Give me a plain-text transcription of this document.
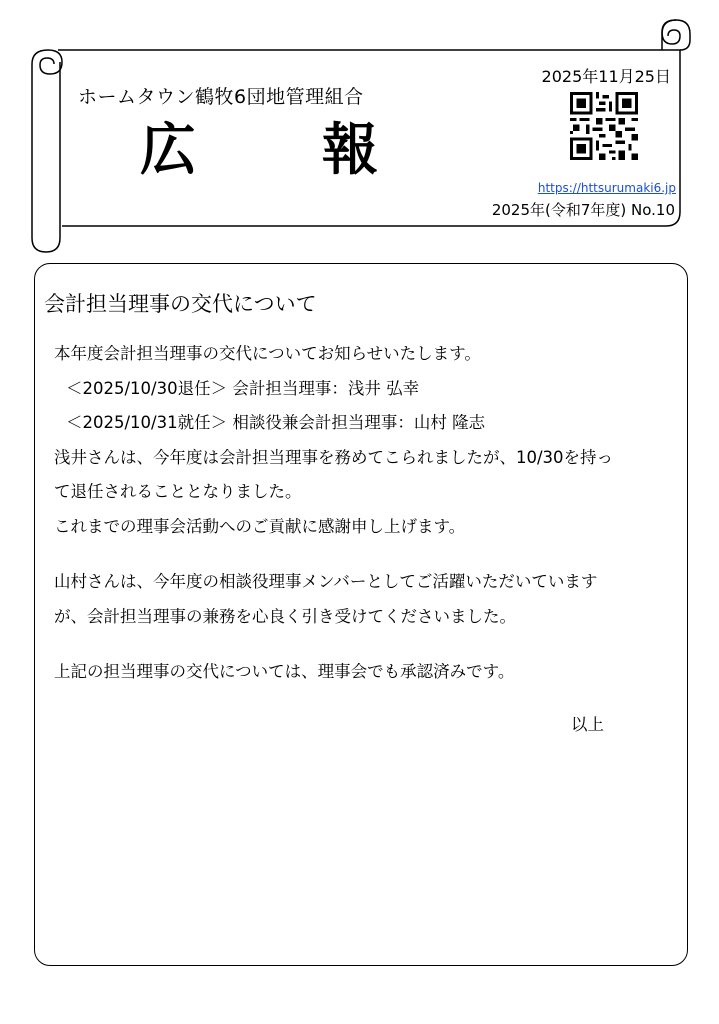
ホームタウン鶴牧6団地管理組合
広 報
2025年11月25日
https://httsurumaki6.jp
2025年(令和7年度) No.10
会計担当理事の交代について

本年度会計担当理事の交代についてお知らせいたします。

＜2025/10/30退任＞ 会計担当理事：浅井 弘幸

＜2025/10/31就任＞ 相談役兼会計担当理事：山村 隆志

浅井さんは、今年度は会計担当理事を務めてこられましたが、10/30を持っ

て退任されることとなりました。

これまでの理事会活動へのご貢献に感謝申し上げます。

山村さんは、今年度の相談役理事メンバーとしてご活躍いただいています

が、会計担当理事の兼務を心良く引き受けてくださいました。

上記の担当理事の交代については、理事会でも承認済みです。

以上
